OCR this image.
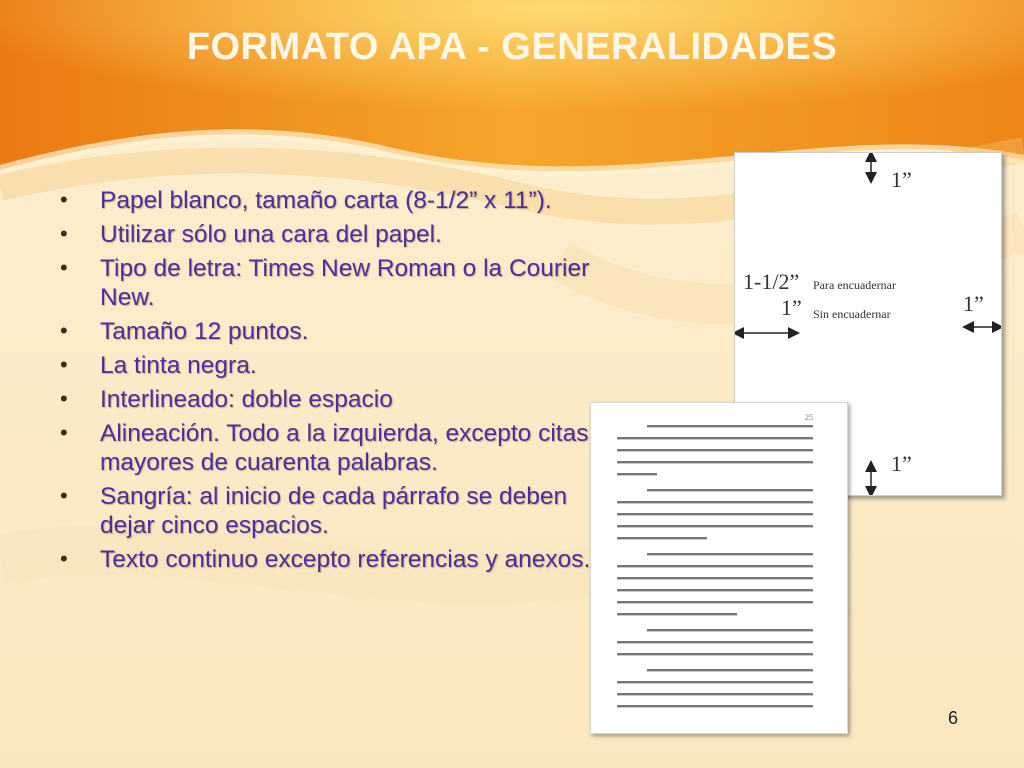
FORMATO APA - GENERALIDADES
• Papel blanco, tamaño carta (8-1/2” x 11”).
• Utilizar sólo una cara del papel.
• Tipo de letra: Times New Roman o la Courier New.
• Tamaño 12 puntos.
• La tinta negra.
• Interlineado: doble espacio
• Alineación. Todo a la izquierda, excepto citas mayores de cuarenta palabras.
• Sangría: al inicio de cada párrafo se deben dejar cinco espacios.
• Texto continuo excepto referencias y anexos.
1”
1-1/2” Para encuadernar
1” Sin encuadernar	1”
1”
25
6
